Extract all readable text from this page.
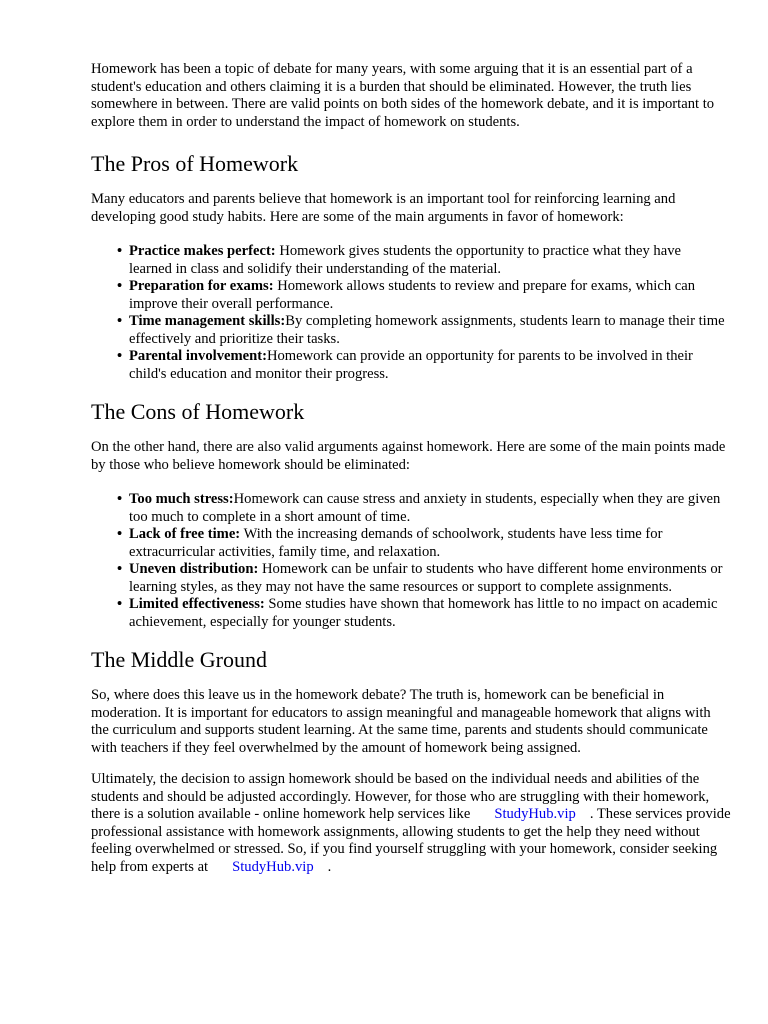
Homework has been a topic of debate for many years, with some arguing that it is an essential part of a student's education and others claiming it is a burden that should be eliminated. However, the truth lies somewhere in between. There are valid points on both sides of the homework debate, and it is important to explore them in order to understand the impact of homework on students.

The Pros of Homework

Many educators and parents believe that homework is an important tool for reinforcing learning and developing good study habits. Here are some of the main arguments in favor of homework:

• Practice makes perfect: Homework gives students the opportunity to practice what they have learned in class and solidify their understanding of the material.
• Preparation for exams: Homework allows students to review and prepare for exams, which can improve their overall performance.
• Time management skills:By completing homework assignments, students learn to manage their time effectively and prioritize their tasks.
• Parental involvement:Homework can provide an opportunity for parents to be involved in their child's education and monitor their progress.
The Cons of Homework

On the other hand, there are also valid arguments against homework. Here are some of the main points made by those who believe homework should be eliminated:

• Too much stress:Homework can cause stress and anxiety in students, especially when they are given too much to complete in a short amount of time.
• Lack of free time: With the increasing demands of schoolwork, students have less time for extracurricular activities, family time, and relaxation.
• Uneven distribution: Homework can be unfair to students who have different home environments or learning styles, as they may not have the same resources or support to complete assignments.
• Limited effectiveness: Some studies have shown that homework has little to no impact on academic achievement, especially for younger students.
The Middle Ground

So, where does this leave us in the homework debate? The truth is, homework can be beneficial in moderation. It is important for educators to assign meaningful and manageable homework that aligns with the curriculum and supports student learning. At the same time, parents and students should communicate with teachers if they feel overwhelmed by the amount of homework being assigned.

Ultimately, the decision to assign homework should be based on the individual needs and abilities of the students and should be adjusted accordingly. However, for those who are struggling with their homework, there is a solution available - online homework help services like StudyHub.vip . These services provide professional assistance with homework assignments, allowing students to get the help they need without feeling overwhelmed or stressed. So, if you find yourself struggling with your homework, consider seeking help from experts at StudyHub.vip .
